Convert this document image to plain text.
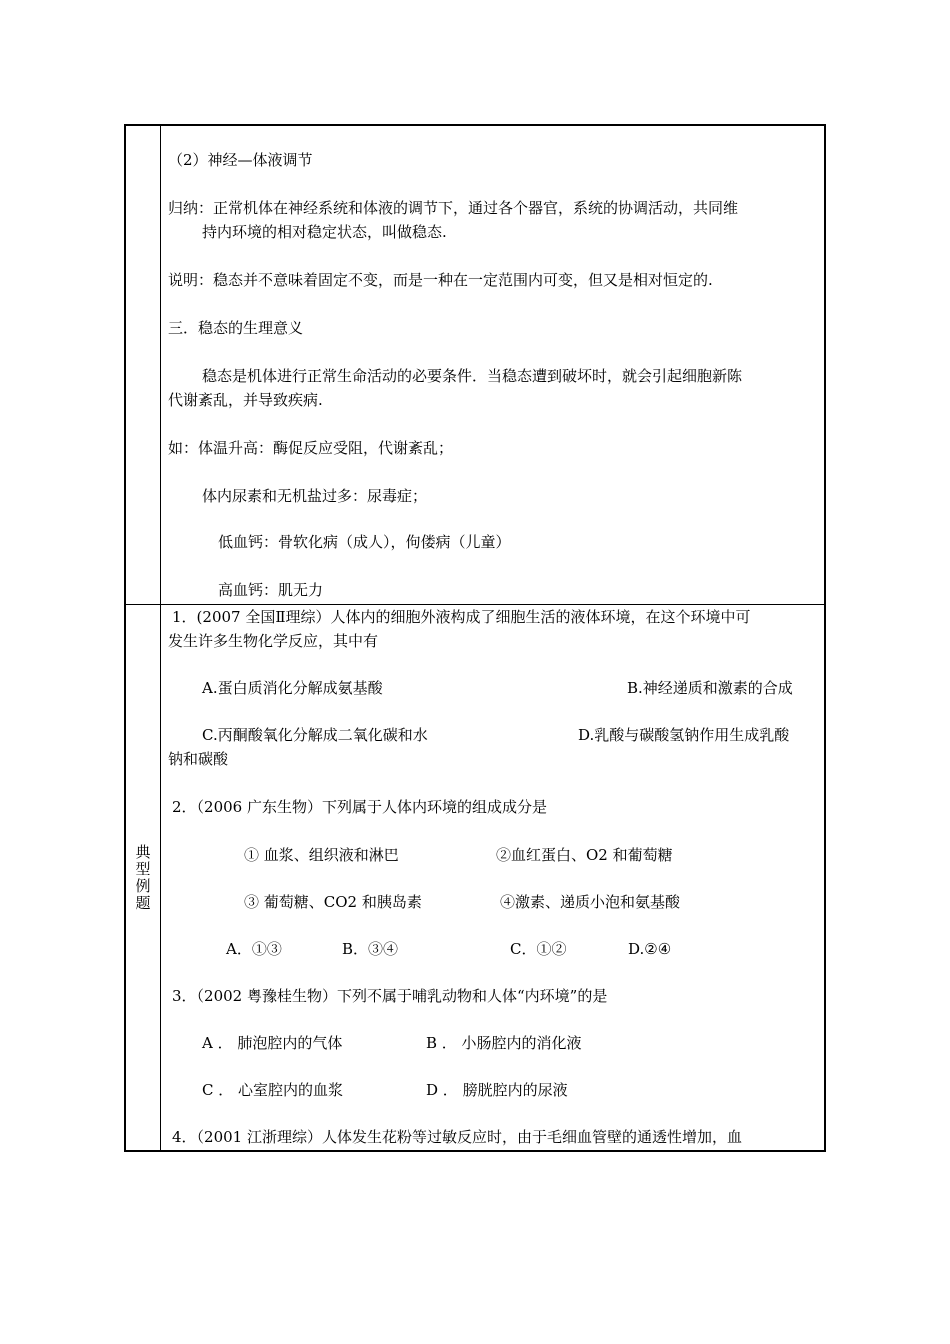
典型例题
（2）神经—体液调节
归纳：正常机体在神经系统和体液的调节下，通过各个器官，系统的协调活动，共同维
持内环境的相对稳定状态，叫做稳态.
说明：稳态并不意味着固定不变，而是一种在一定范围内可变，但又是相对恒定的.
三．稳态的生理意义
稳态是机体进行正常生命活动的必要条件．当稳态遭到破坏时，就会引起细胞新陈
代谢紊乱，并导致疾病.
如：体温升高：酶促反应受阻，代谢紊乱；
体内尿素和无机盐过多：尿毒症；
低血钙：骨软化病（成人），佝偻病（儿童）
高血钙：肌无力
1．(2007 全国Ⅱ理综）人体内的细胞外液构成了细胞生活的液体环境，在这个环境中可
发生许多生物化学反应，其中有
A.蛋白质消化分解成氨基酸	B.神经递质和激素的合成
C.丙酮酸氧化分解成二氧化碳和水	D.乳酸与碳酸氢钠作用生成乳酸
钠和碳酸
2．（2006 广东生物）下列属于人体内环境的组成成分是
① 血浆、组织液和淋巴	②血红蛋白、O2 和葡萄糖
③ 葡萄糖、CO2 和胰岛素	④激素、递质小泡和氨基酸
A．①③	B．③④	C．①②	D.②④
3．（2002 粤豫桂生物）下列不属于哺乳动物和人体“内环境”的是
A ． 肺泡腔内的气体	B ． 小肠腔内的消化液
C ． 心室腔内的血浆	D ． 膀胱腔内的尿液
4．（2001 江浙理综）人体发生花粉等过敏反应时，由于毛细血管壁的通透性增加，血
